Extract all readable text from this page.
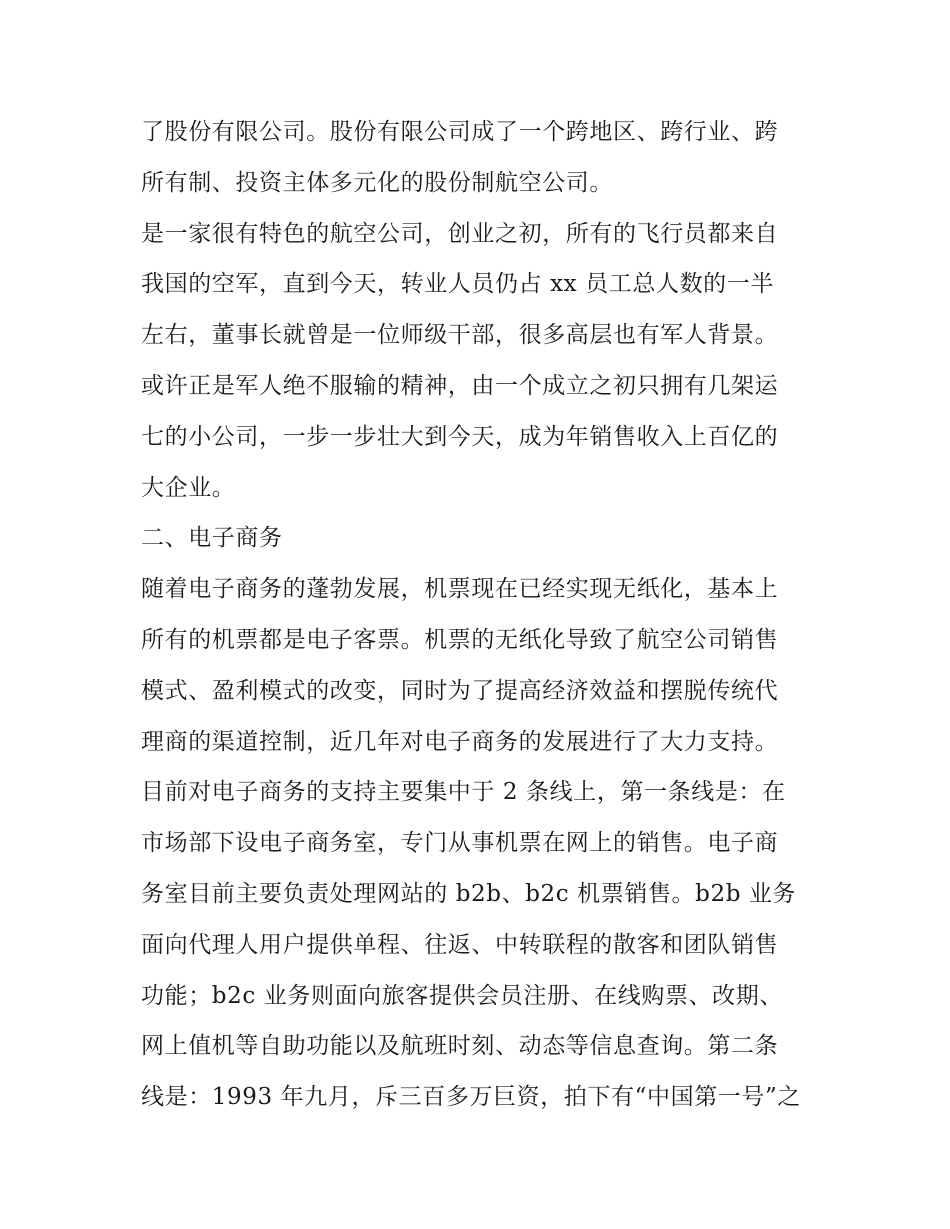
了股份有限公司。股份有限公司成了一个跨地区、跨行业、跨
所有制、投资主体多元化的股份制航空公司。
是一家很有特色的航空公司，创业之初，所有的飞行员都来自
我国的空军，直到今天，转业人员仍占 xx 员工总人数的一半
左右，董事长就曾是一位师级干部，很多高层也有军人背景。
或许正是军人绝不服输的精神，由一个成立之初只拥有几架运
七的小公司，一步一步壮大到今天，成为年销售收入上百亿的
大企业。
二、电子商务
随着电子商务的蓬勃发展，机票现在已经实现无纸化，基本上
所有的机票都是电子客票。机票的无纸化导致了航空公司销售
模式、盈利模式的改变，同时为了提高经济效益和摆脱传统代
理商的渠道控制，近几年对电子商务的发展进行了大力支持。
目前对电子商务的支持主要集中于 2 条线上，第一条线是：在
市场部下设电子商务室，专门从事机票在网上的销售。电子商
务室目前主要负责处理网站的 b2b、b2c 机票销售。b2b 业务
面向代理人用户提供单程、往返、中转联程的散客和团队销售
功能；b2c 业务则面向旅客提供会员注册、在线购票、改期、
网上值机等自助功能以及航班时刻、动态等信息查询。第二条
线是：1993 年九月，斥三百多万巨资，拍下有“中国第一号”之
